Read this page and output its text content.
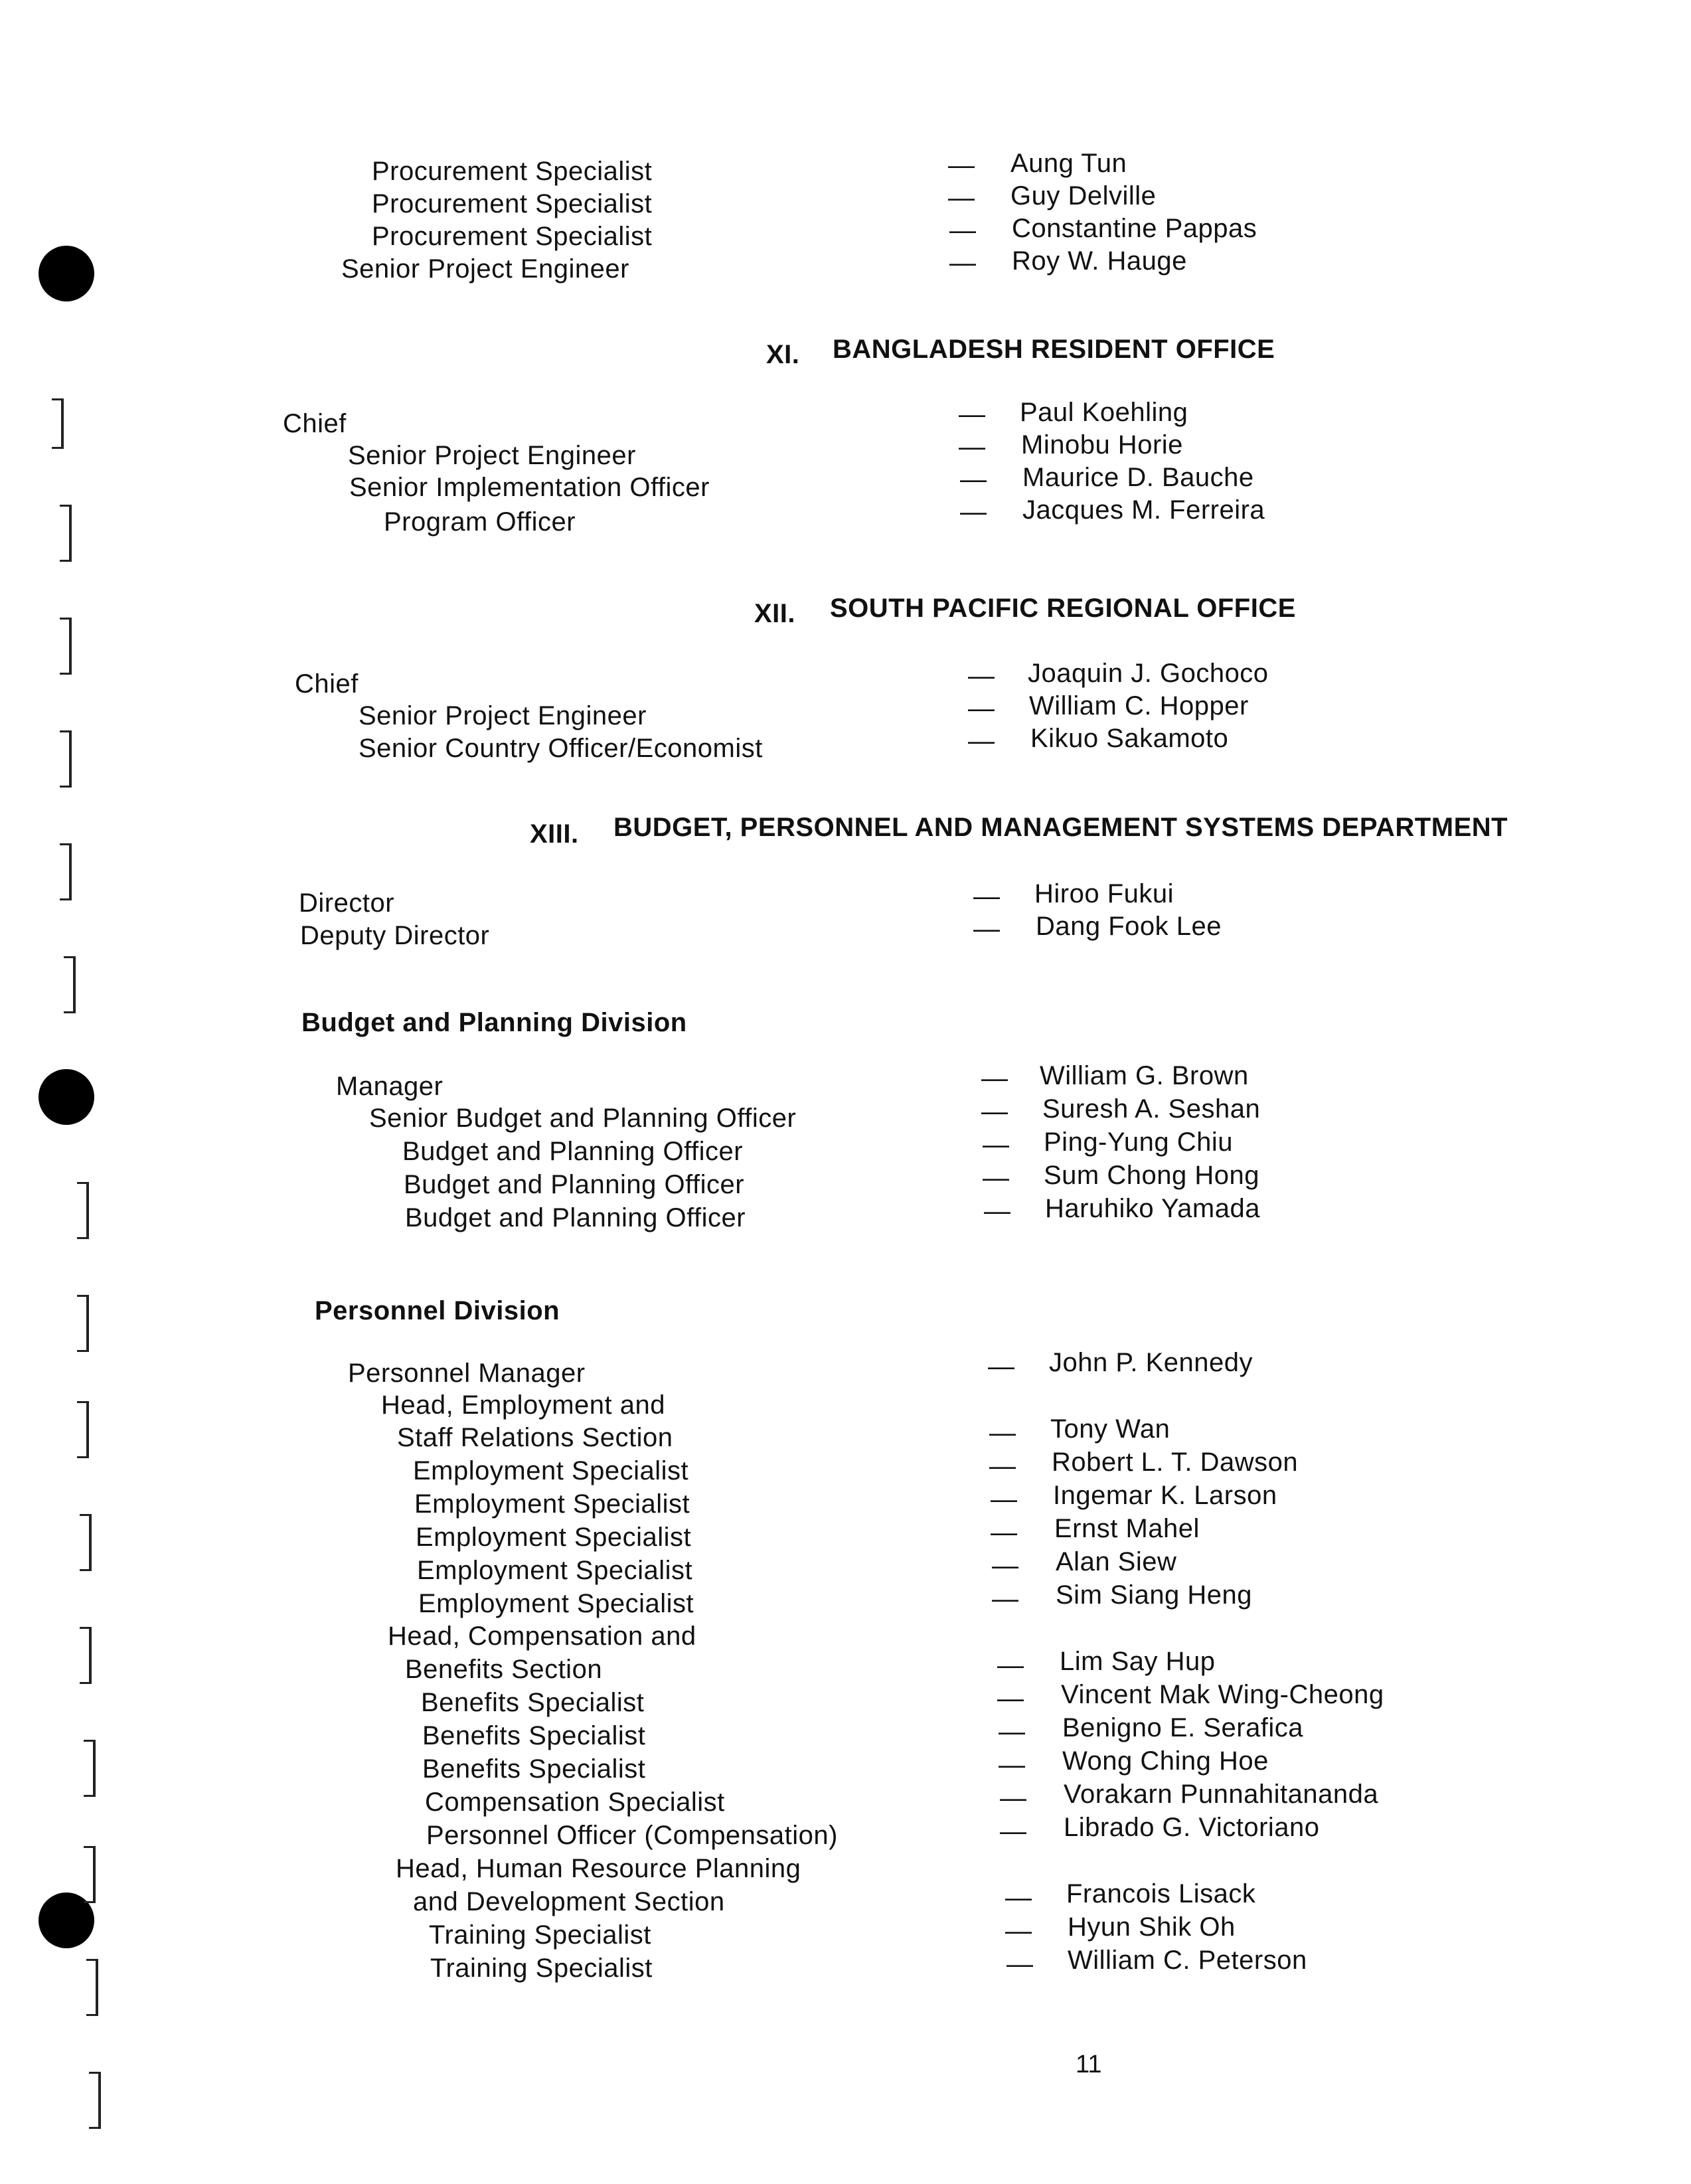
Procurement Specialist
Procurement Specialist
Procurement Specialist
Senior Project Engineer
—
—
—
—
Aung Tun
Guy Delville
Constantine Pappas
Roy W. Hauge
XI. BANGLADESH RESIDENT OFFICE
Chief
Senior Project Engineer
Senior Implementation Officer
Program Officer
—
—
—
—
Paul Koehling
Minobu Horie
Maurice D. Bauche
Jacques M. Ferreira
XII. SOUTH PACIFIC REGIONAL OFFICE
Chief
Senior Project Engineer
Senior Country Officer/Economist
—
—
—
Joaquin J. Gochoco
William C. Hopper
Kikuo Sakamoto
XIII. BUDGET, PERSONNEL AND MANAGEMENT SYSTEMS DEPARTMENT
Director
Deputy Director
—
—
Hiroo Fukui
Dang Fook Lee
Budget and Planning Division
Manager
Senior Budget and Planning Officer
Budget and Planning Officer
Budget and Planning Officer
Budget and Planning Officer
—
—
—
—
—
William G. Brown
Suresh A. Seshan
Ping-Yung Chiu
Sum Chong Hong
Haruhiko Yamada
Personnel Division
Personnel Manager
Head, Employment and
Staff Relations Section
Employment Specialist
Employment Specialist
Employment Specialist
Employment Specialist
Employment Specialist
Head, Compensation and
Benefits Section
Benefits Specialist
Benefits Specialist
Benefits Specialist
Compensation Specialist
Personnel Officer (Compensation)
Head, Human Resource Planning
and Development Section
Training Specialist
Training Specialist
—
—
—
—
—
—
—
—
—
—
—
—
—
—
—
—
John P. Kennedy
Tony Wan
Robert L. T. Dawson
Ingemar K. Larson
Ernst Mahel
Alan Siew
Sim Siang Heng
Lim Say Hup
Vincent Mak Wing-Cheong
Benigno E. Serafica
Wong Ching Hoe
Vorakarn Punnahitananda
Librado G. Victoriano
Francois Lisack
Hyun Shik Oh
William C. Peterson
11
